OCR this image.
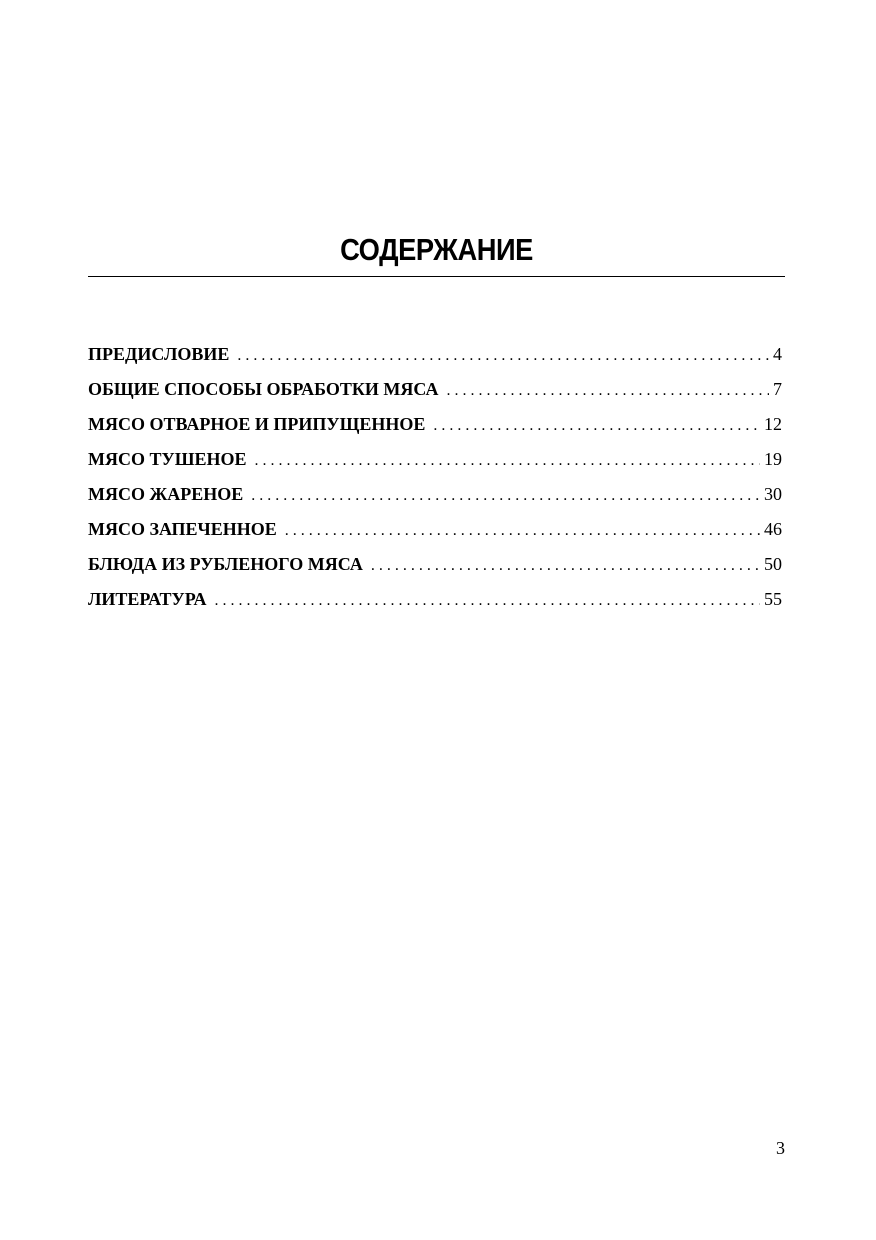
СОДЕРЖАНИЕ
ПРЕДИСЛОВИЕ . . .	4
ОБЩИЕ СПОСОБЫ ОБРАБОТКИ МЯСА . . .	7
МЯСО ОТВАРНОЕ И ПРИПУЩЕННОЕ . . .	12
МЯСО ТУШЕНОЕ . . .	19
МЯСО ЖАРЕНОЕ . . .	30
МЯСО ЗАПЕЧЕННОЕ . . .	46
БЛЮДА ИЗ РУБЛЕНОГО МЯСА . . .	50
ЛИТЕРАТУРА . . .	55
3
